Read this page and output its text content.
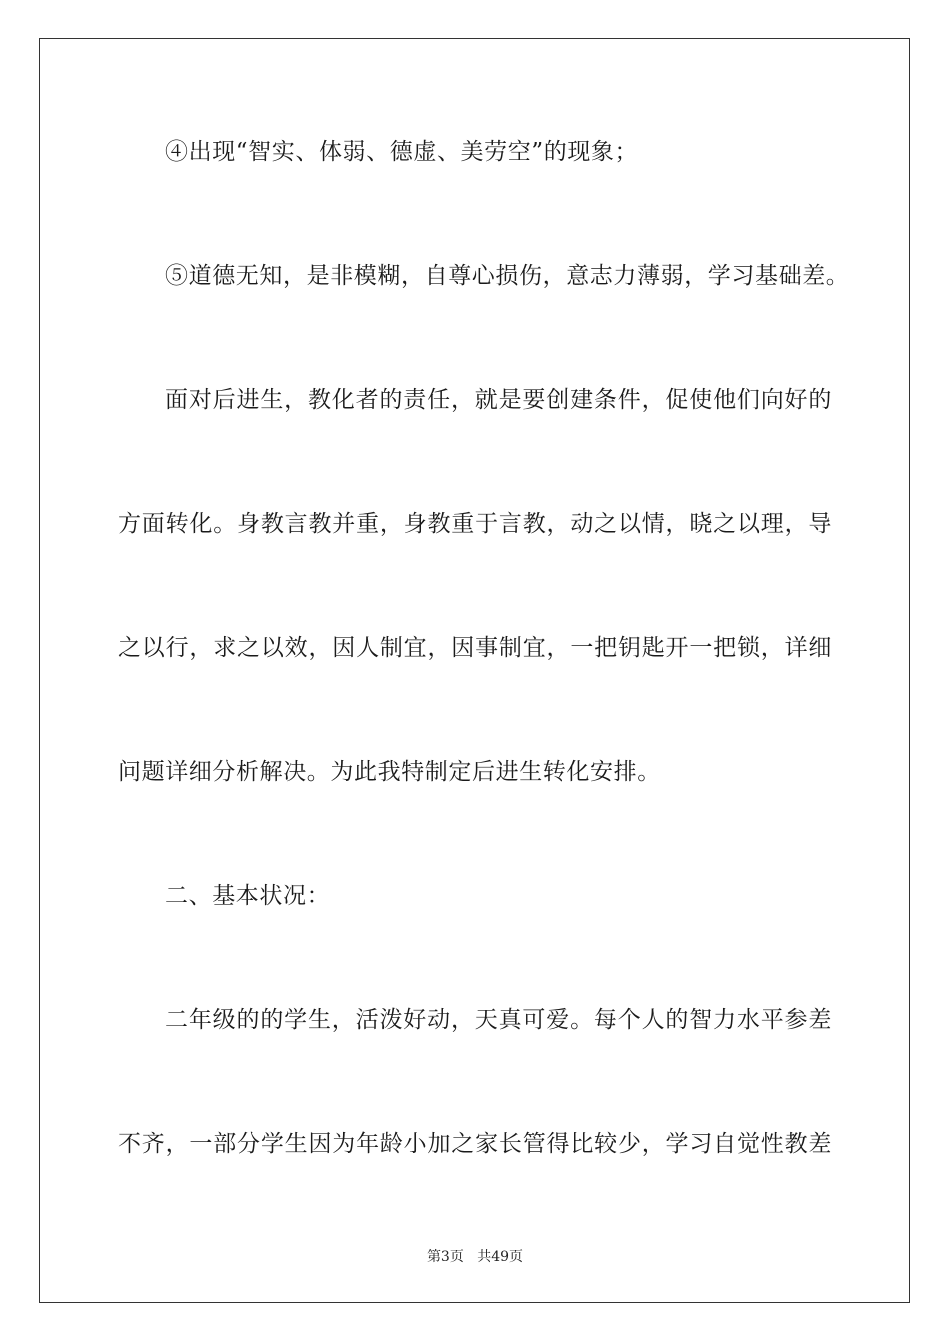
④出现“智实、体弱、德虚、美劳空”的现象；
⑤道德无知，是非模糊，自尊心损伤，意志力薄弱，学习基础差。
面对后进生，教化者的责任，就是要创建条件，促使他们向好的
方面转化。身教言教并重，身教重于言教，动之以情，晓之以理，导
之以行，求之以效，因人制宜，因事制宜，一把钥匙开一把锁，详细
问题详细分析解决。为此我特制定后进生转化安排。
二、基本状况：
二年级的的学生，活泼好动，天真可爱。每个人的智力水平参差
不齐，一部分学生因为年龄小加之家长管得比较少，学习自觉性教差
第3页 共49页
